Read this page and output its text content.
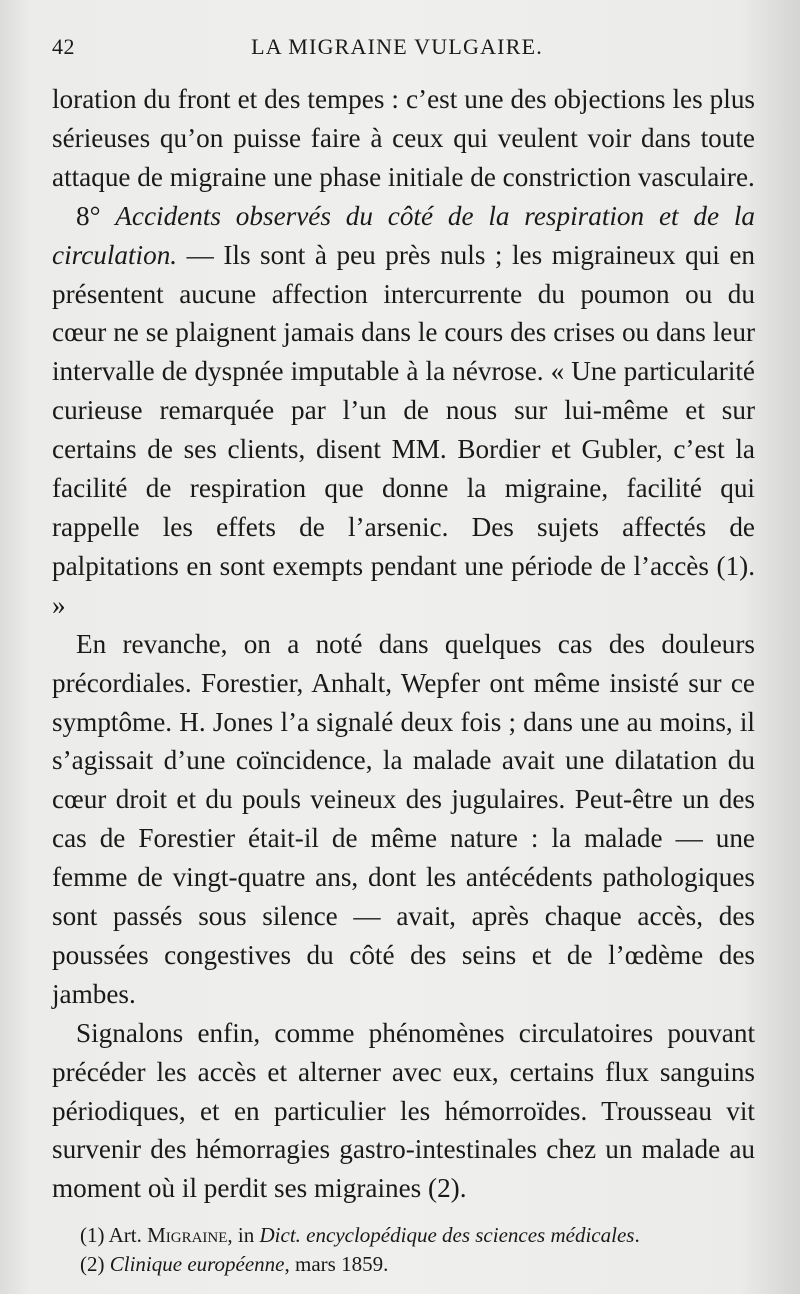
42	LA MIGRAINE VULGAIRE.

loration du front et des tempes : c’est une des objections les plus sérieuses qu’on puisse faire à ceux qui veulent voir dans toute attaque de migraine une phase initiale de constriction vasculaire.

8° Accidents observés du côté de la respiration et de la circulation. — Ils sont à peu près nuls ; les migraineux qui en présentent aucune affection intercurrente du poumon ou du cœur ne se plaignent jamais dans le cours des crises ou dans leur intervalle de dyspnée imputable à la névrose. « Une particularité curieuse remarquée par l’un de nous sur lui-même et sur certains de ses clients, disent MM. Bordier et Gubler, c’est la facilité de respiration que donne la migraine, facilité qui rappelle les effets de l’arsenic. Des sujets affectés de palpitations en sont exempts pendant une période de l’accès (1). »

En revanche, on a noté dans quelques cas des douleurs précordiales. Forestier, Anhalt, Wepfer ont même insisté sur ce symptôme. H. Jones l’a signalé deux fois ; dans une au moins, il s’agissait d’une coïncidence, la malade avait une dilatation du cœur droit et du pouls veineux des jugulaires. Peut-être un des cas de Forestier était-il de même nature : la malade — une femme de vingt-quatre ans, dont les antécédents pathologiques sont passés sous silence — avait, après chaque accès, des poussées congestives du côté des seins et de l’œdème des jambes.

Signalons enfin, comme phénomènes circulatoires pouvant précéder les accès et alterner avec eux, certains flux sanguins périodiques, et en particulier les hémorroïdes. Trousseau vit survenir des hémorragies gastro-intestinales chez un malade au moment où il perdit ses migraines (2).

(1) Art. Migraine, in Dict. encyclopédique des sciences médicales.
(2) Clinique européenne, mars 1859.
